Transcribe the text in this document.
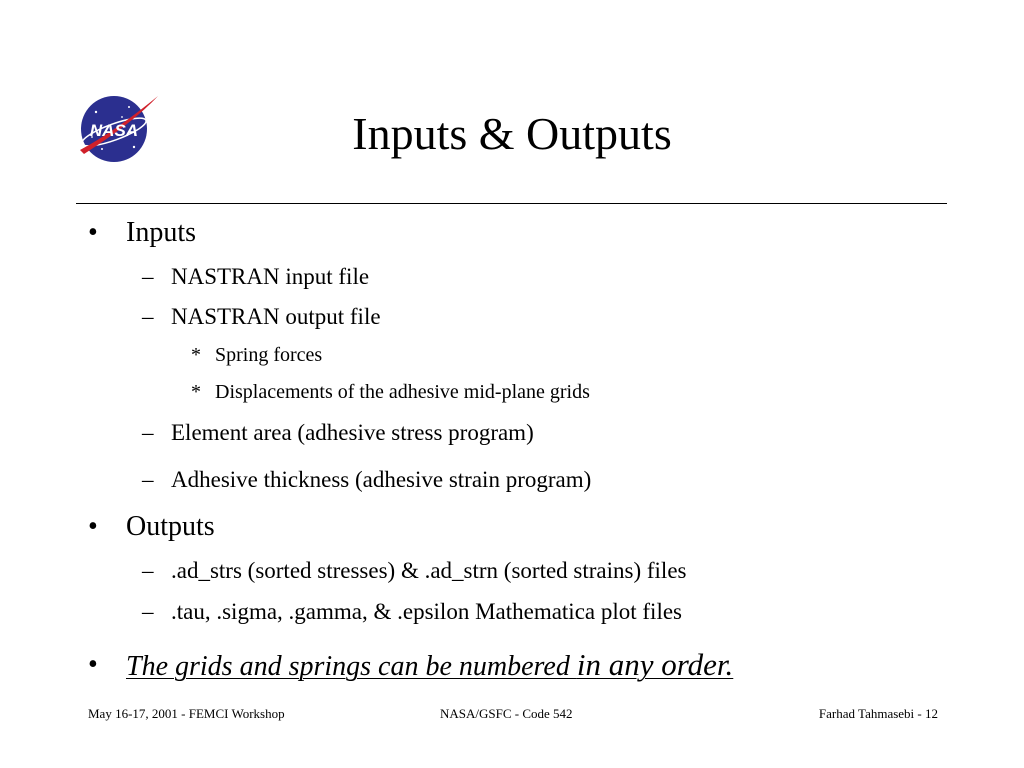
NASA	Inputs & Outputs
• Inputs
– NASTRAN input file
– NASTRAN output file
* Spring forces
* Displacements of the adhesive mid-plane grids
– Element area (adhesive stress program)
– Adhesive thickness (adhesive strain program)
• Outputs
– .ad_strs (sorted stresses) & .ad_strn (sorted strains) files
– .tau, .sigma, .gamma, & .epsilon Mathematica plot files
• The grids and springs can be numbered in any order.
May 16-17, 2001 - FEMCI Workshop	NASA/GSFC - Code 542	Farhad Tahmasebi - 12
